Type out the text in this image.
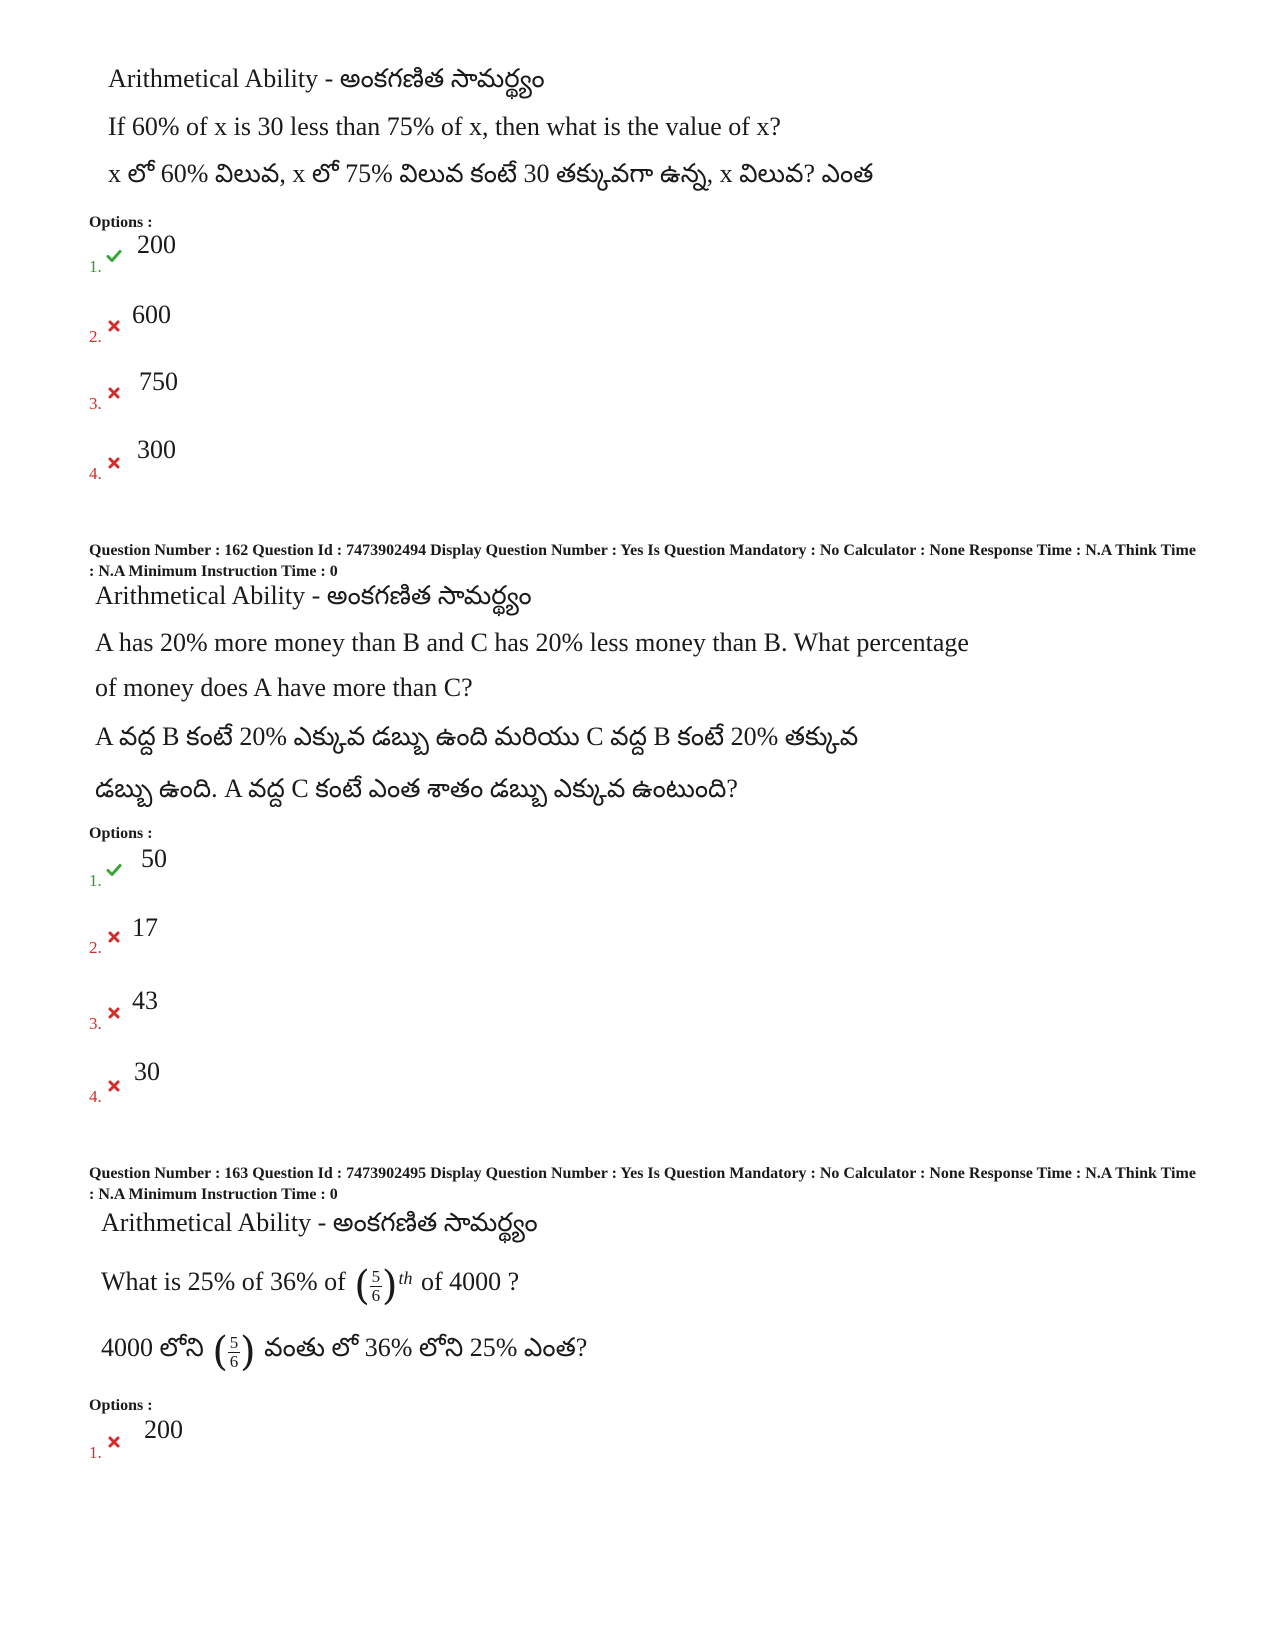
Arithmetical Ability - అంకగణిత సామర్థ్యం
If 60% of x is 30 less than 75% of x, then what is the value of x?
x లో 60% విలువ, x లో 75% విలువ కంటే 30 తక్కువగా ఉన్న, x విలువ? ఎంత
Options :
1.
200
2.
600
3.
750
4.
300
Question Number : 162 Question Id : 7473902494 Display Question Number : Yes Is Question Mandatory : No Calculator : None Response Time : N.A Think Time : N.A Minimum Instruction Time : 0
Arithmetical Ability - అంకగణిత సామర్థ్యం
A has 20% more money than B and C has 20% less money than B. What percentage
of money does A have more than C?
A వద్ద B కంటే 20% ఎక్కువ డబ్బు ఉంది మరియు C వద్ద B కంటే 20% తక్కువ
డబ్బు ఉంది. A వద్ద C కంటే ఎంత శాతం డబ్బు ఎక్కువ ఉంటుంది?
Options :
1.
50
2.
17
3.
43
4.
30
Question Number : 163 Question Id : 7473902495 Display Question Number : Yes Is Question Mandatory : No Calculator : None Response Time : N.A Think Time : N.A Minimum Instruction Time : 0
Arithmetical Ability - అంకగణిత సామర్థ్యం
What is 25% of 36% of ( $\frac{5}{6} )^{th}$ of 4000 ?
4000 లోని ( $\frac{5}{6}$ ) వంతు లో 36% లోని 25% ఎంత?
Options :
1.
200
